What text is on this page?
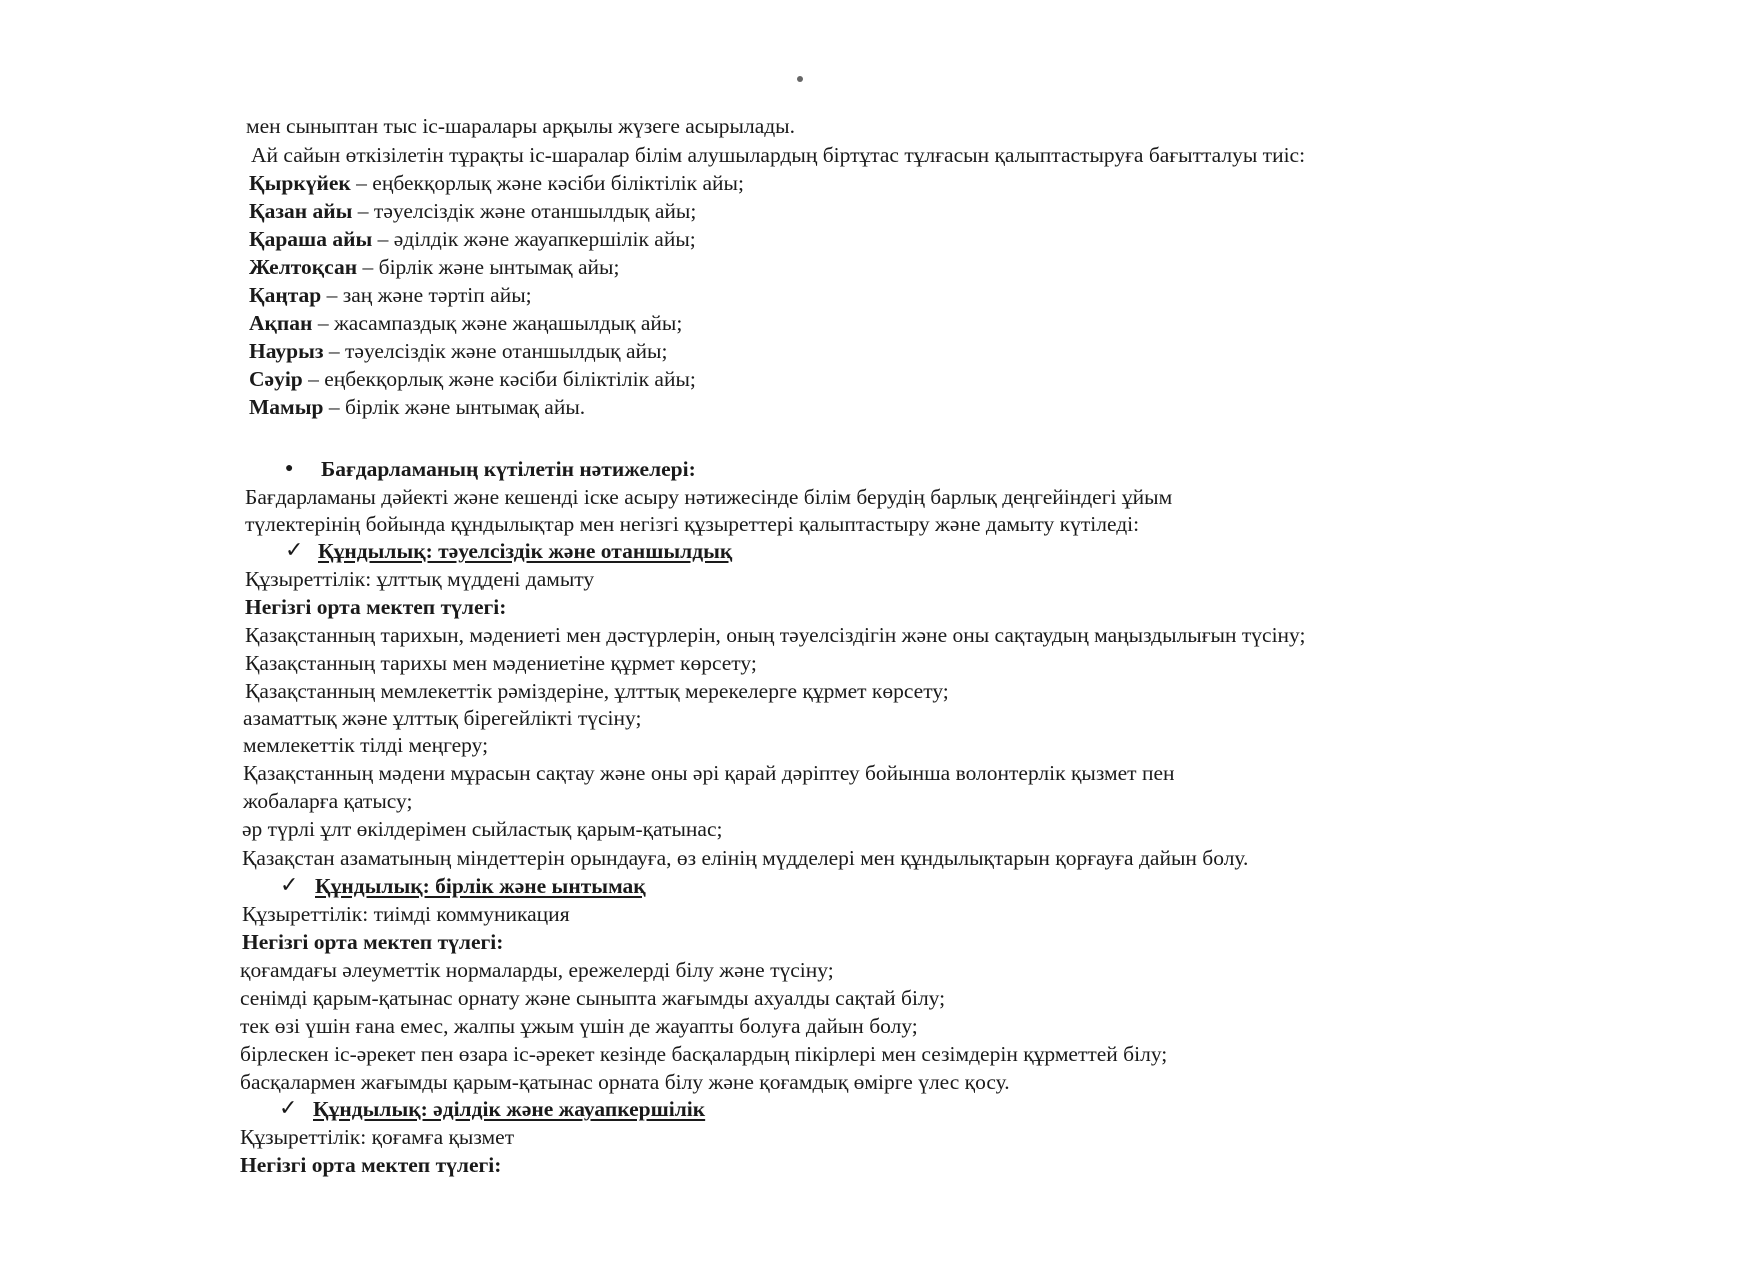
мен сыныптан тыс іс-шаралары арқылы жүзеге асырылады.
Ай сайын өткізілетін тұрақты іс-шаралар білім алушылардың біртұтас тұлғасын қалыптастыруға бағытталуы тиіс:
Қыркүйек – еңбекқорлық және кәсіби біліктілік айы;
Қазан айы – тәуелсіздік және отаншылдық айы;
Қараша айы – әділдік және жауапкершілік айы;
Желтоқсан – бірлік және ынтымақ айы;
Қаңтар – заң және тәртіп айы;
Ақпан – жасампаздық және жаңашылдық айы;
Наурыз – тәуелсіздік және отаншылдық айы;
Сәуір – еңбекқорлық және кәсіби біліктілік айы;
Мамыр – бірлік және ынтымақ айы.
● Бағдарламаның күтілетін нәтижелері:
Бағдарламаны дәйекті және кешенді іске асыру нәтижесінде білім берудің барлық деңгейіндегі ұйым
түлектерінің бойында құндылықтар мен негізгі құзыреттері қалыптастыру және дамыту күтіледі:
✓ Құндылық: тәуелсіздік және отаншылдық
Құзыреттілік: ұлттық мүддені дамыту
Негізгі орта мектеп түлегі:
Қазақстанның тарихын, мәдениеті мен дәстүрлерін, оның тәуелсіздігін және оны сақтаудың маңыздылығын түсіну;
Қазақстанның тарихы мен мәдениетіне құрмет көрсету;
Қазақстанның мемлекеттік рәміздеріне, ұлттық мерекелерге құрмет көрсету;
азаматтық және ұлттық бірегейлікті түсіну;
мемлекеттік тілді меңгеру;
Қазақстанның мәдени мұрасын сақтау және оны әрі қарай дәріптеу бойынша волонтерлік қызмет пен
жобаларға қатысу;
әр түрлі ұлт өкілдерімен сыйластық қарым-қатынас;
Қазақстан азаматының міндеттерін орындауға, өз елінің мүдделері мен құндылықтарын қорғауға дайын болу.
✓ Құндылық: бірлік және ынтымақ
Құзыреттілік: тиімді коммуникация
Негізгі орта мектеп түлегі:
қоғамдағы әлеуметтік нормаларды, ережелерді білу және түсіну;
сенімді қарым-қатынас орнату және сыныпта жағымды ахуалды сақтай білу;
тек өзі үшін ғана емес, жалпы ұжым үшін де жауапты болуға дайын болу;
бірлескен іс-әрекет пен өзара іс-әрекет кезінде басқалардың пікірлері мен сезімдерін құрметтей білу;
басқалармен жағымды қарым-қатынас орната білу және қоғамдық өмірге үлес қосу.
✓ Құндылық: әділдік және жауапкершілік
Құзыреттілік: қоғамға қызмет
Негізгі орта мектеп түлегі:
